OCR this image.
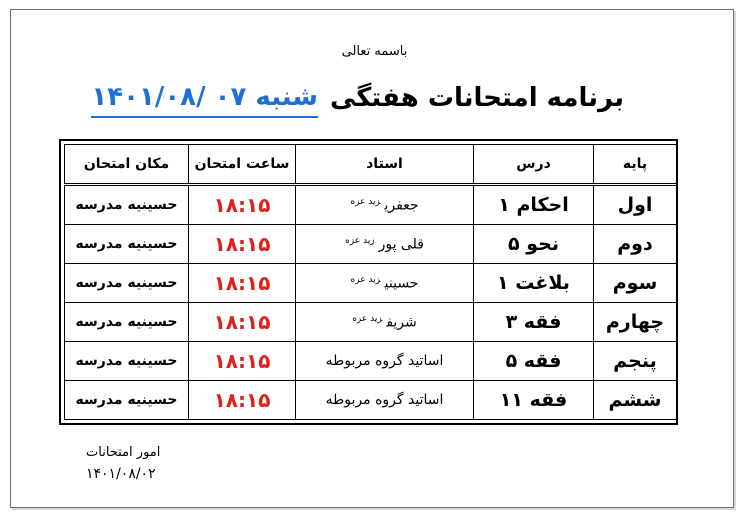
باسمه تعالی
برنامه امتحانات هفتگی
شنبه ۰۷ /۱۴۰۱/۰۸
پایه	درس	استاد	ساعت امتحان	مکان امتحان
اول	احکام ۱	جعفری$^{زید عزه}$	۱۸:۱۵	حسینیه مدرسه
دوم	نحو ۵	قلی پور$^{زید عزه}$	۱۸:۱۵	حسینیه مدرسه
سوم	بلاغت ۱	حسینی$^{زید عزه}$	۱۸:۱۵	حسینیه مدرسه
چهارم	فقه ۳	شریف$^{زید عزه}$	۱۸:۱۵	حسینیه مدرسه
پنجم	فقه ۵	اساتید گروه مربوطه	۱۸:۱۵	حسینیه مدرسه
ششم	فقه ۱۱	اساتید گروه مربوطه	۱۸:۱۵	حسینیه مدرسه
امور امتحانات
۱۴۰۱/۰۸/۰۲
